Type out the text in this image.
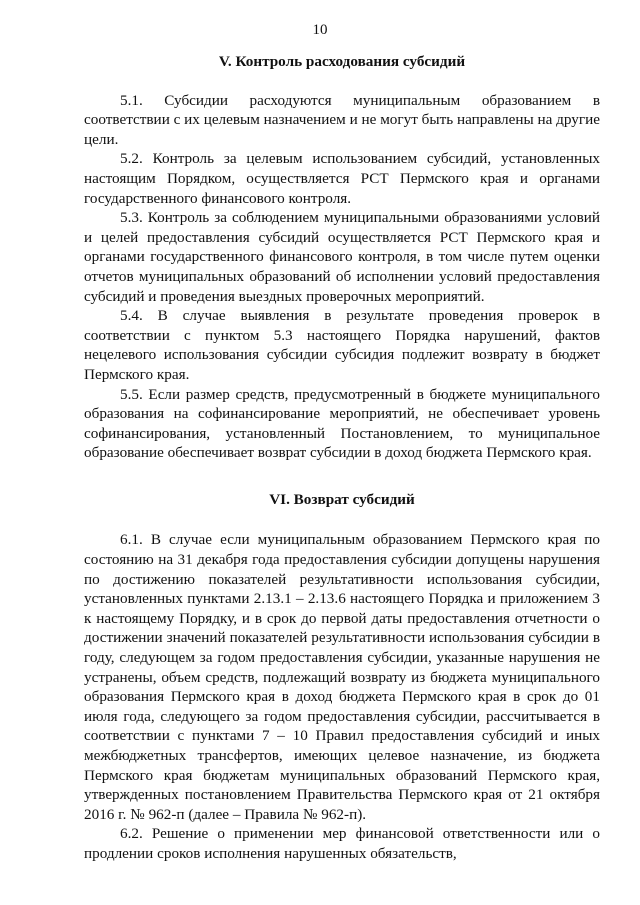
10
V. Контроль расходования субсидий

5.1. Субсидии расходуются муниципальным образованием в соответствии с их целевым назначением и не могут быть направлены на другие цели.

5.2. Контроль за целевым использованием субсидий, установленных настоящим Порядком, осуществляется РСТ Пермского края и органами государственного финансового контроля.

5.3. Контроль за соблюдением муниципальными образованиями условий и целей предоставления субсидий осуществляется РСТ Пермского края и органами государственного финансового контроля, в том числе путем оценки отчетов муниципальных образований об исполнении условий предоставления субсидий и проведения выездных проверочных мероприятий.

5.4. В случае выявления в результате проведения проверок в соответствии с пунктом 5.3 настоящего Порядка нарушений, фактов нецелевого использования субсидии субсидия подлежит возврату в бюджет Пермского края.

5.5. Если размер средств, предусмотренный в бюджете муниципального образования на софинансирование мероприятий, не обеспечивает уровень софинансирования, установленный Постановлением, то муниципальное образование обеспечивает возврат субсидии в доход бюджета Пермского края.

VI. Возврат субсидий

6.1. В случае если муниципальным образованием Пермского края по состоянию на 31 декабря года предоставления субсидии допущены нарушения по достижению показателей результативности использования субсидии, установленных пунктами 2.13.1 – 2.13.6 настоящего Порядка и приложением 3 к настоящему Порядку, и в срок до первой даты предоставления отчетности о достижении значений показателей результативности использования субсидии в году, следующем за годом предоставления субсидии, указанные нарушения не устранены, объем средств, подлежащий возврату из бюджета муниципального образования Пермского края в доход бюджета Пермского края в срок до 01 июля года, следующего за годом предоставления субсидии, рассчитывается в соответствии с пунктами 7 – 10 Правил предоставления субсидий и иных межбюджетных трансфертов, имеющих целевое назначение, из бюджета Пермского края бюджетам муниципальных образований Пермского края, утвержденных постановлением Правительства Пермского края от 21 октября 2016 г. № 962-п (далее – Правила № 962-п).

6.2. Решение о применении мер финансовой ответственности или о продлении сроков исполнения нарушенных обязательств,
